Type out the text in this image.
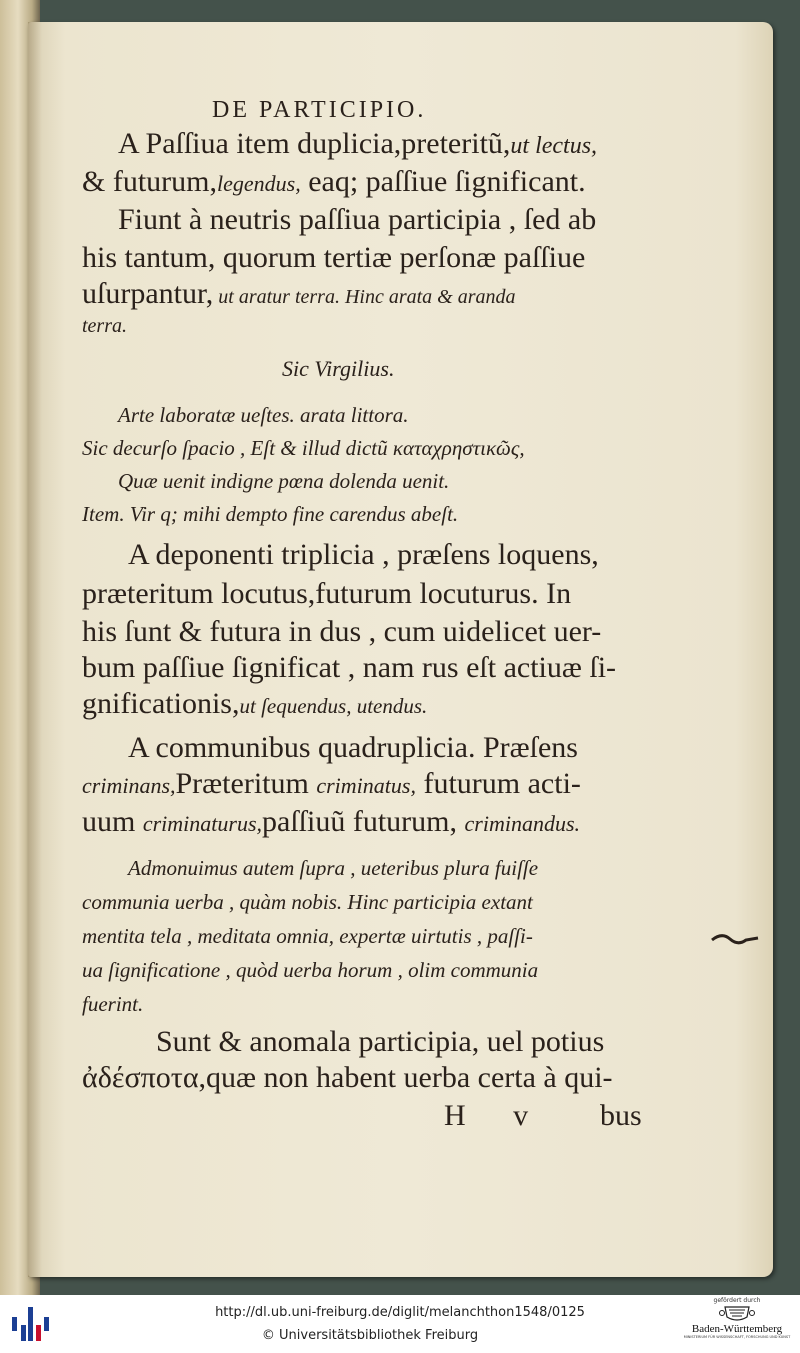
DE PARTICIPIO.

A Paſſiua item duplicia,preteritũ,ut lectus,

& futurum,legendus, eaq; paſſiue ſignificant.

Fiunt à neutris paſſiua participia , ſed ab

his tantum, quorum tertiæ perſonæ paſſiue

uſurpantur, ut aratur terra. Hinc arata & aranda

terra.

Sic Virgilius.

Arte laboratæ ueſtes. arata littora.

Sic decurſo ſpacio , Eſt & illud dictũ καταχρηστικῶς,

Quæ uenit indigne pœna dolenda uenit.

Item. Vir q; mihi dempto fine carendus abeſt.

A deponenti triplicia , præſens loquens,

præteritum locutus,futurum locuturus. In

his ſunt & futura in dus , cum uidelicet uer-

bum paſſiue ſignificat , nam rus eſt actiuæ ſi-

gnificationis,ut ſequendus, utendus.

A communibus quadruplicia. Præſens

criminans,Præteritum criminatus, futurum acti-

uum criminaturus,paſſiuũ futurum, criminandus.

Admonuimus autem ſupra , ueteribus plura fuiſſe

communia uerba , quàm nobis. Hinc participia extant

mentita tela , meditata omnia, expertæ uirtutis , paſſi-

ua ſignificatione , quòd uerba horum , olim communia

fuerint.

Sunt & anomala participia, uel potius

ἀδέσποτα,quæ non habent uerba certa à qui-

H v bus

http://dl.ub.uni-freiburg.de/diglit/melanchthon1548/0125
© Universitätsbibliothek Freiburg
gefördert durch
Baden-Württemberg
MINISTERIUM FÜR WISSENSCHAFT, FORSCHUNG UND KUNST
